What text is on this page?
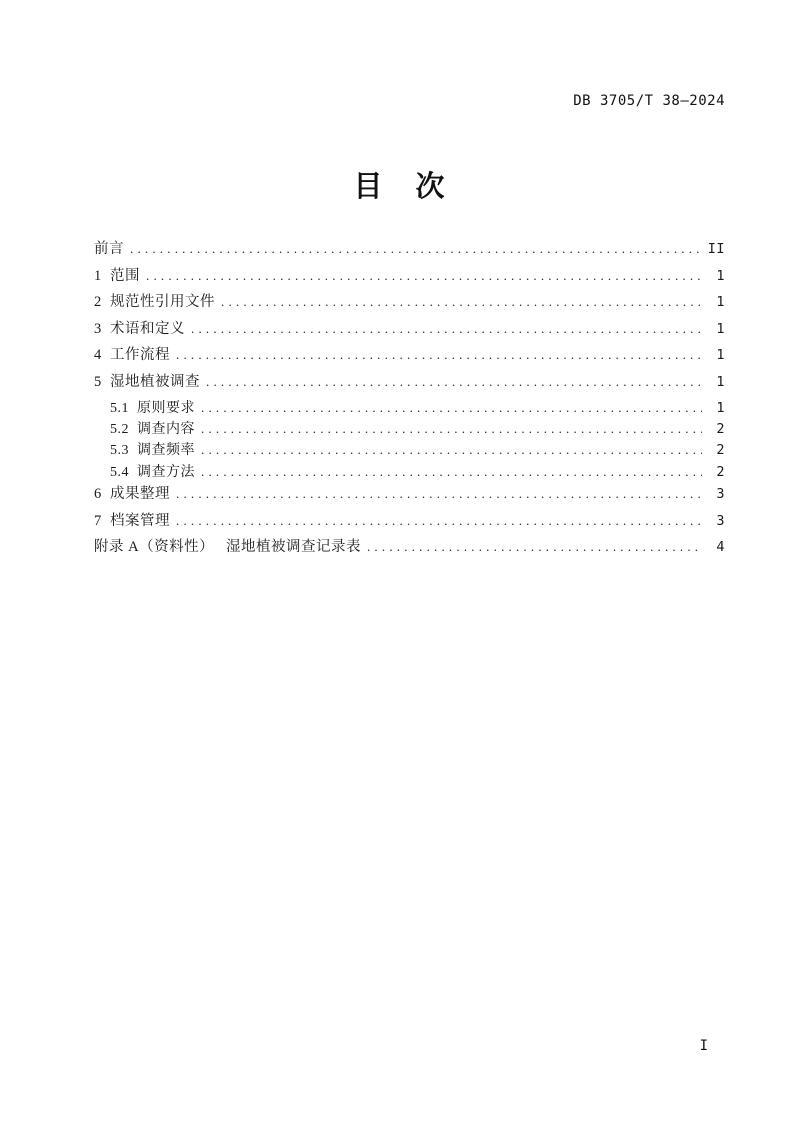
DB 3705/T 38—2024
目　次
前言 .....	II
1  范围 .....	1
2  规范性引用文件 .....	1
3  术语和定义 .....	1
4  工作流程 .....	1
5  湿地植被调查 .....	1
5.1  原则要求 .....	1
5.2  调查内容 .....	2
5.3  调查频率 .....	2
5.4  调查方法 .....	2
6  成果整理 .....	3
7  档案管理 .....	3
附录 A（资料性）　 湿地植被调查记录表 .....	4
I
